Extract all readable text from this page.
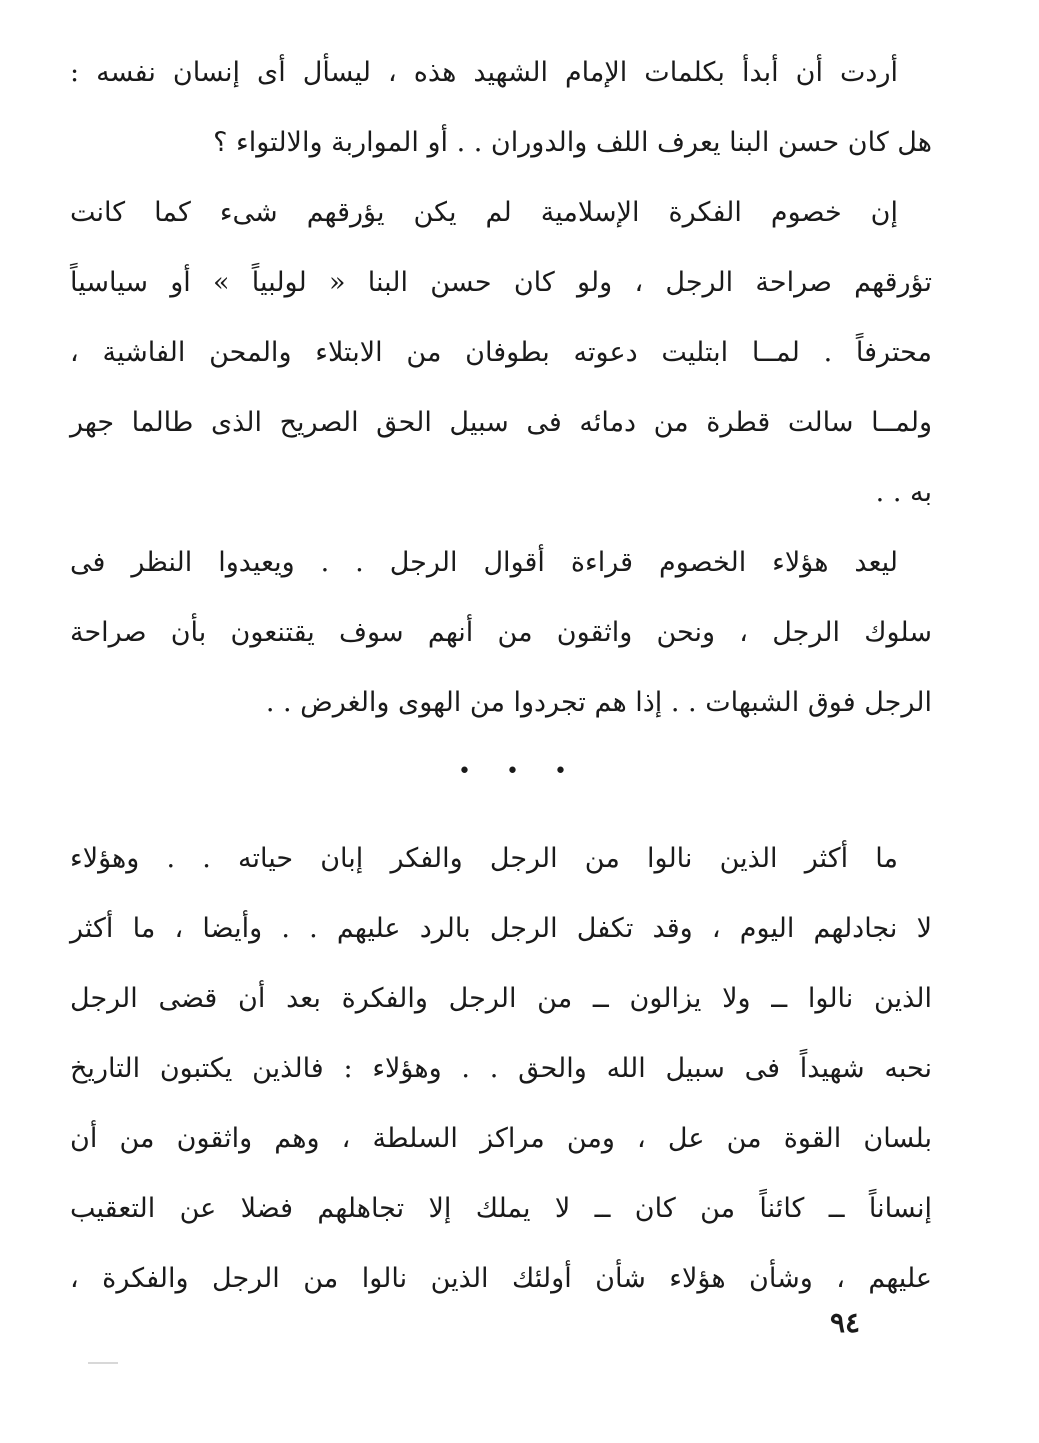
أردت أن أبدأ بكلمات الإمام الشهيد هذه ، ليسأل أى إنسان نفسه :
هل كان حسن البنا يعرف اللف والدوران . . أو المواربة والالتواء ؟
إن خصوم الفكرة الإسلامية لم يكن يؤرقهم شىء كما كانت
تؤرقهم صراحة الرجل ، ولو كان حسن البنا « لولبياً » أو سياسياً
محترفاً . لمــا ابتليت دعوته بطوفان من الابتلاء والمحن الفاشية ،
ولمــا سالت قطرة من دمائه فى سبيل الحق الصريح الذى طالما جهر
به . .
ليعد هؤلاء الخصوم قراءة أقوال الرجل . . ويعيدوا النظر فى
سلوك الرجل ، ونحن واثقون من أنهم سوف يقتنعون بأن صراحة
الرجل فوق الشبهات . . إذا هم تجردوا من الهوى والغرض . .
• • •
ما أكثر الذين نالوا من الرجل والفكر إبان حياته . . وهؤلاء
لا نجادلهم اليوم ، وقد تكفل الرجل بالرد عليهم . . وأيضا ، ما أكثر
الذين نالوا ــ ولا يزالون ــ من الرجل والفكرة بعد أن قضى الرجل
نحبه شهيداً فى سبيل الله والحق . . وهؤلاء : فالذين يكتبون التاريخ
بلسان القوة من عل ، ومن مراكز السلطة ، وهم واثقون من أن
إنساناً ــ كائناً من كان ــ لا يملك إلا تجاهلهم فضلا عن التعقيب
عليهم ، وشأن هؤلاء شأن أولئك الذين نالوا من الرجل والفكرة ،
٩٤
